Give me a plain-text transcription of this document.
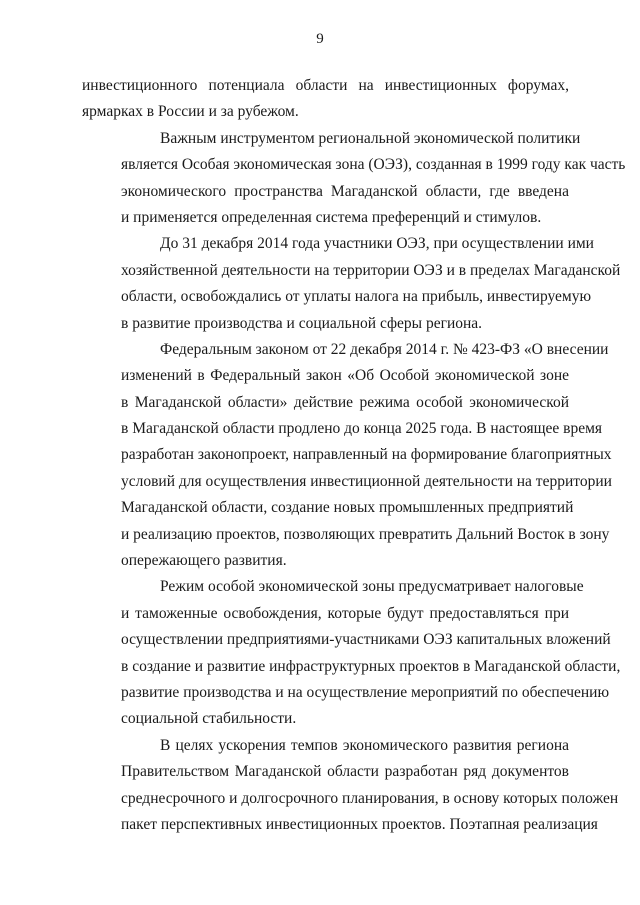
9

инвестиционного потенциала области на инвестиционных форумах,
ярмарках в России и за рубежом.

Важным инструментом региональной экономической политики
является Особая экономическая зона (ОЭЗ), созданная в 1999 году как часть
экономического пространства Магаданской области, где введена
и применяется определенная система преференций и стимулов.

До 31 декабря 2014 года участники ОЭЗ, при осуществлении ими
хозяйственной деятельности на территории ОЭЗ и в пределах Магаданской
области, освобождались от уплаты налога на прибыль, инвестируемую
в развитие производства и социальной сферы региона.

Федеральным законом от 22 декабря 2014 г. № 423-ФЗ «О внесении
изменений в Федеральный закон «Об Особой экономической зоне
в Магаданской области» действие режима особой экономической
в Магаданской области продлено до конца 2025 года. В настоящее время
разработан законопроект, направленный на формирование благоприятных
условий для осуществления инвестиционной деятельности на территории
Магаданской области, создание новых промышленных предприятий
и реализацию проектов, позволяющих превратить Дальний Восток в зону
опережающего развития.

Режим особой экономической зоны предусматривает налоговые
и таможенные освобождения, которые будут предоставляться при
осуществлении предприятиями-участниками ОЭЗ капитальных вложений
в создание и развитие инфраструктурных проектов в Магаданской области,
развитие производства и на осуществление мероприятий по обеспечению
социальной стабильности.

В целях ускорения темпов экономического развития региона
Правительством Магаданской области разработан ряд документов
среднесрочного и долгосрочного планирования, в основу которых положен
пакет перспективных инвестиционных проектов. Поэтапная реализация
